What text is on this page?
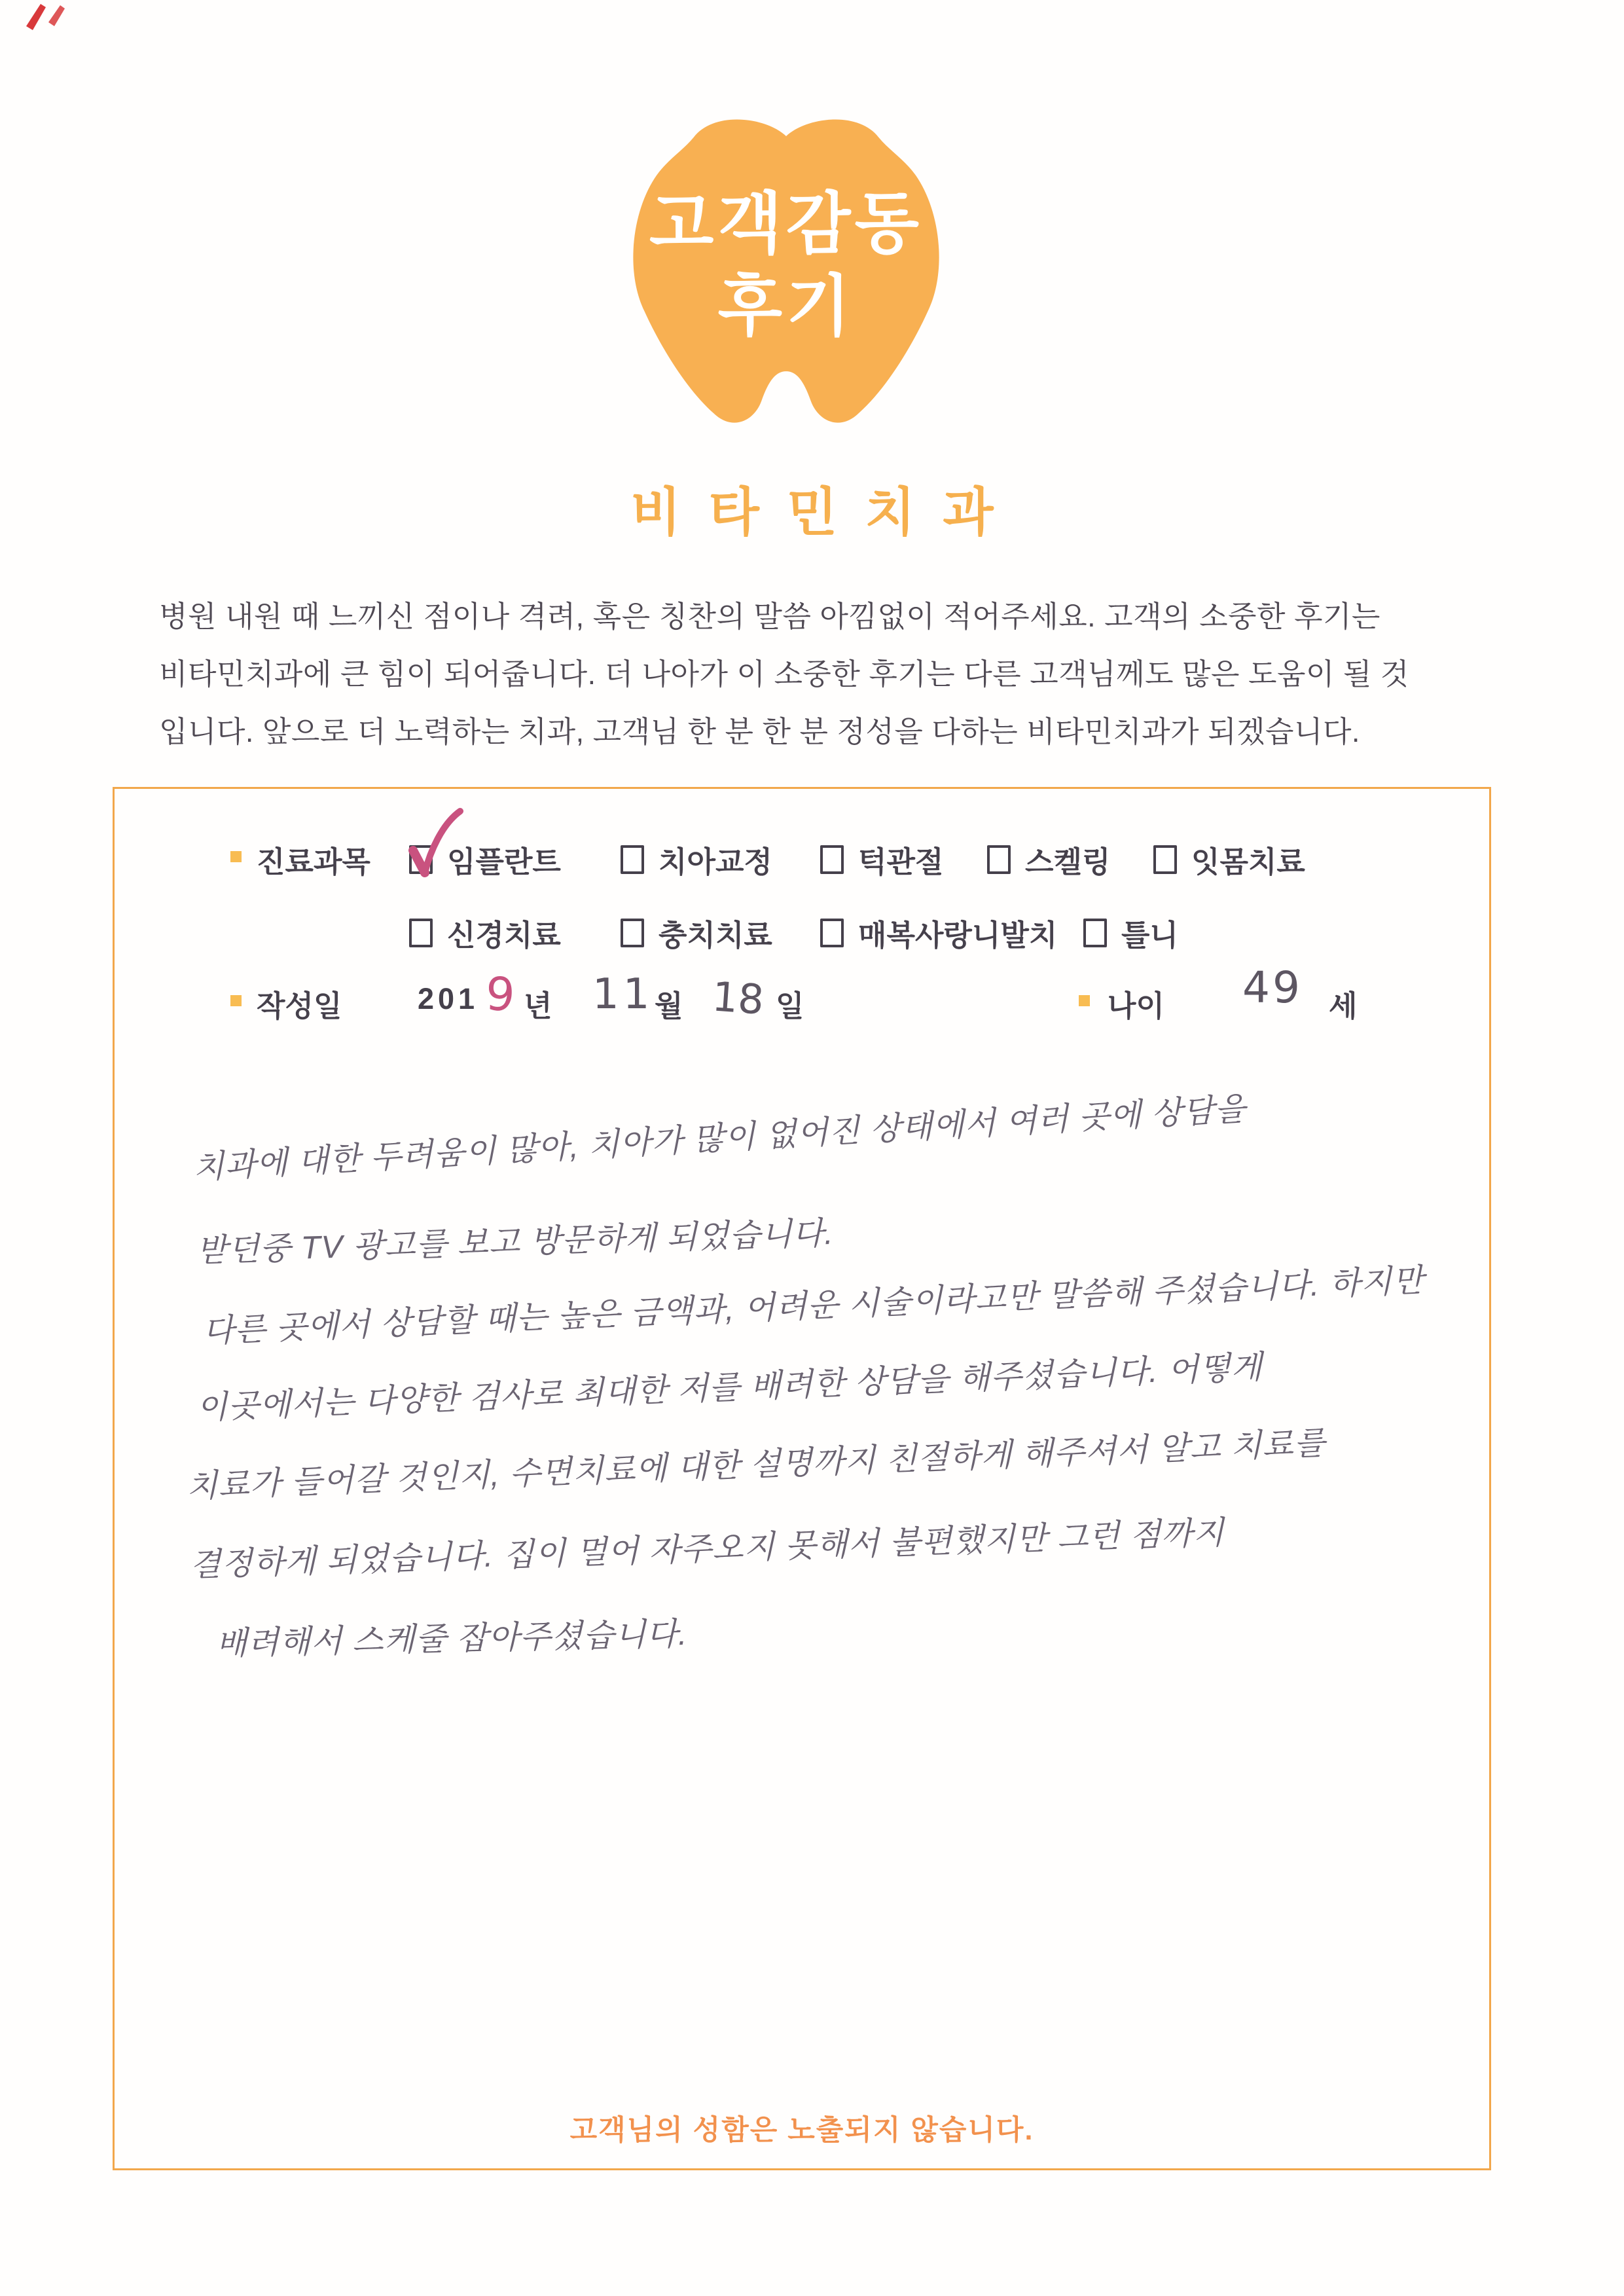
고객감동
후기
비타민치과
병원 내원 때 느끼신 점이나 격려, 혹은 칭찬의 말씀 아낌없이 적어주세요. 고객의 소중한 후기는
비타민치과에 큰 힘이 되어줍니다. 더 나아가 이 소중한 후기는 다른 고객님께도 많은 도움이 될 것
입니다. 앞으로 더 노력하는 치과, 고객님 한 분 한 분 정성을 다하는 비타민치과가 되겠습니다.
진료과목	임플란트	치아교정	턱관절	스켈링	잇몸치료
신경치료	충치치료	매복사랑니발치	틀니
작성일	201 9 년 11 월 18 일	나이 49 세
치과에 대한 두려움이 많아, 치아가 많이 없어진 상태에서 여러 곳에 상담을
받던중 TV 광고를 보고 방문하게 되었습니다.
다른 곳에서 상담할 때는 높은 금액과, 어려운 시술이라고만 말씀해 주셨습니다. 하지만
이곳에서는 다양한 검사로 최대한 저를 배려한 상담을 해주셨습니다. 어떻게
치료가 들어갈 것인지, 수면치료에 대한 설명까지 친절하게 해주셔서 알고 치료를
결정하게 되었습니다. 집이 멀어 자주오지 못해서 불편했지만 그런 점까지
배려해서 스케줄 잡아주셨습니다.
고객님의 성함은 노출되지 않습니다.
